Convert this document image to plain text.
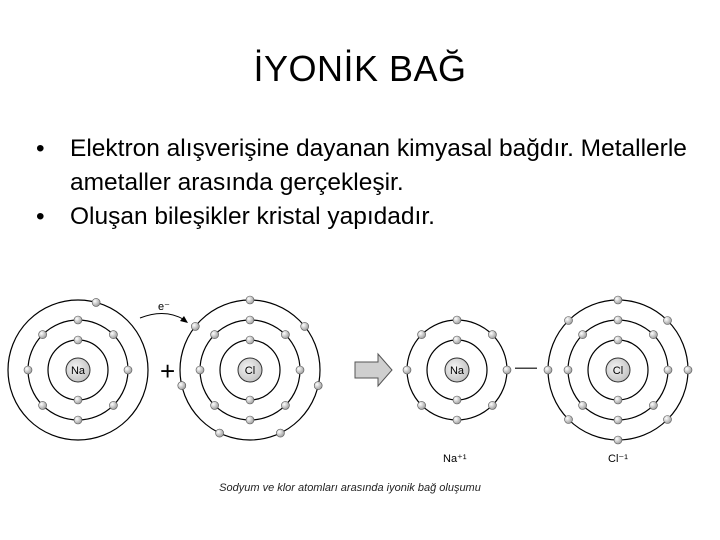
İYONİK BAĞ
• Elektron alışverişine dayanan kimyasal bağdır. Metallerle ametaller arasında gerçekleşir.
• Oluşan bileşikler kristal yapıdadır.
Na	Cl	Na	Cl
e⁻
+	—
Na⁺¹	Cl⁻¹
Sodyum ve klor atomları arasında iyonik bağ oluşumu
